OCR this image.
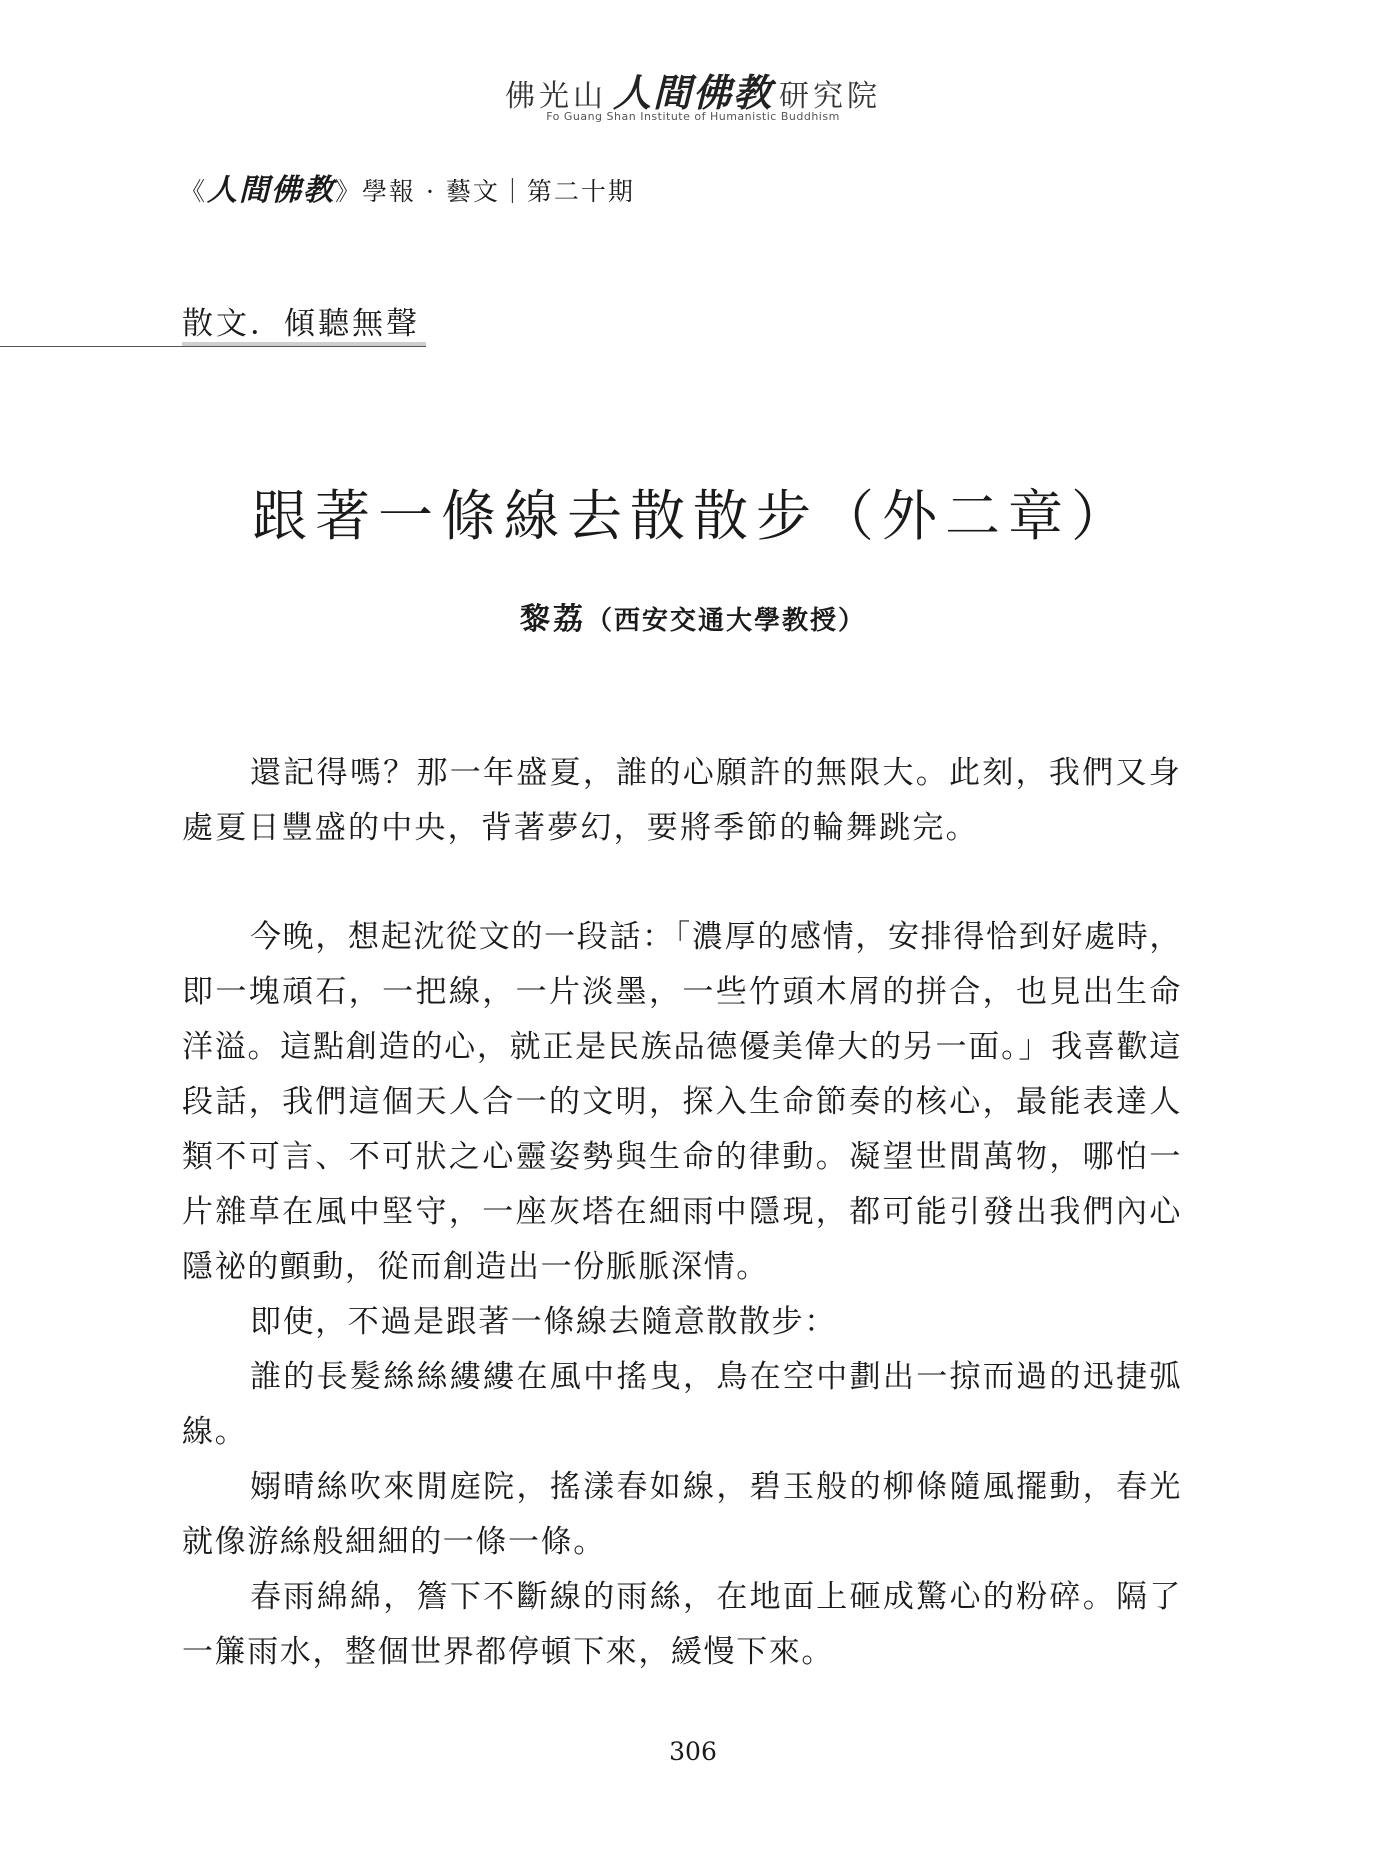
佛光山 人間佛教 研究院
Fo Guang Shan Institute of Humanistic Buddhism
《人間佛教》學報 · 藝文｜第二十期
散文．傾聽無聲
跟著一條線去散散步（外二章）
黎荔（西安交通大學教授）

還記得嗎？那一年盛夏，誰的心願許的無限大。此刻，我們又身處夏日豐盛的中央，背著夢幻，要將季節的輪舞跳完。

今晚，想起沈從文的一段話：「濃厚的感情，安排得恰到好處時，即一塊頑石，一把線，一片淡墨，一些竹頭木屑的拼合，也見出生命洋溢。這點創造的心，就正是民族品德優美偉大的另一面。」我喜歡這段話，我們這個天人合一的文明，探入生命節奏的核心，最能表達人類不可言、不可狀之心靈姿勢與生命的律動。凝望世間萬物，哪怕一片雜草在風中堅守，一座灰塔在細雨中隱現，都可能引發出我們內心隱祕的顫動，從而創造出一份脈脈深情。

即使，不過是跟著一條線去隨意散散步：

誰的長髮絲絲縷縷在風中搖曳，鳥在空中劃出一掠而過的迅捷弧線。

嫋晴絲吹來閒庭院，搖漾春如線，碧玉般的柳條隨風擺動，春光就像游絲般細細的一條一條。

春雨綿綿，簷下不斷線的雨絲，在地面上砸成驚心的粉碎。隔了一簾雨水，整個世界都停頓下來，緩慢下來。

306
